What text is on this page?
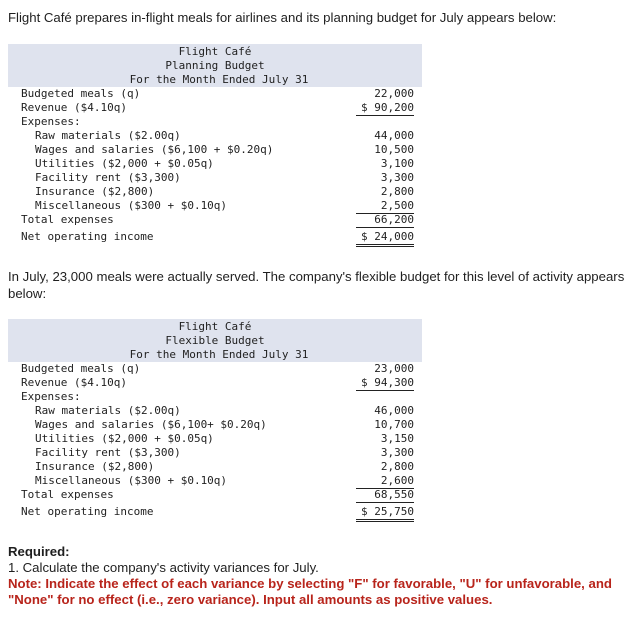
Flight Café prepares in-flight meals for airlines and its planning budget for July appears below:
Flight Café
Planning Budget
For the Month Ended July 31
Budgeted meals (q)	22,000
Revenue ($4.10q)	$ 90,200
Expenses:
Raw materials ($2.00q)	44,000
Wages and salaries ($6,100 + $0.20q)	10,500
Utilities ($2,000 + $0.05q)	3,100
Facility rent ($3,300)	3,300
Insurance ($2,800)	2,800
Miscellaneous ($300 + $0.10q)	2,500
Total expenses	66,200
Net operating income	$ 24,000
In July, 23,000 meals were actually served. The company's flexible budget for this level of activity appears below:
Flight Café
Flexible Budget
For the Month Ended July 31
Budgeted meals (q)	23,000
Revenue ($4.10q)	$ 94,300
Expenses:
Raw materials ($2.00q)	46,000
Wages and salaries ($6,100+ $0.20q)	10,700
Utilities ($2,000 + $0.05q)	3,150
Facility rent ($3,300)	3,300
Insurance ($2,800)	2,800
Miscellaneous ($300 + $0.10q)	2,600
Total expenses	68,550
Net operating income	$ 25,750
Required:
1. Calculate the company's activity variances for July.
Note: Indicate the effect of each variance by selecting "F" for favorable, "U" for unfavorable, and "None" for no effect (i.e., zero variance). Input all amounts as positive values.
